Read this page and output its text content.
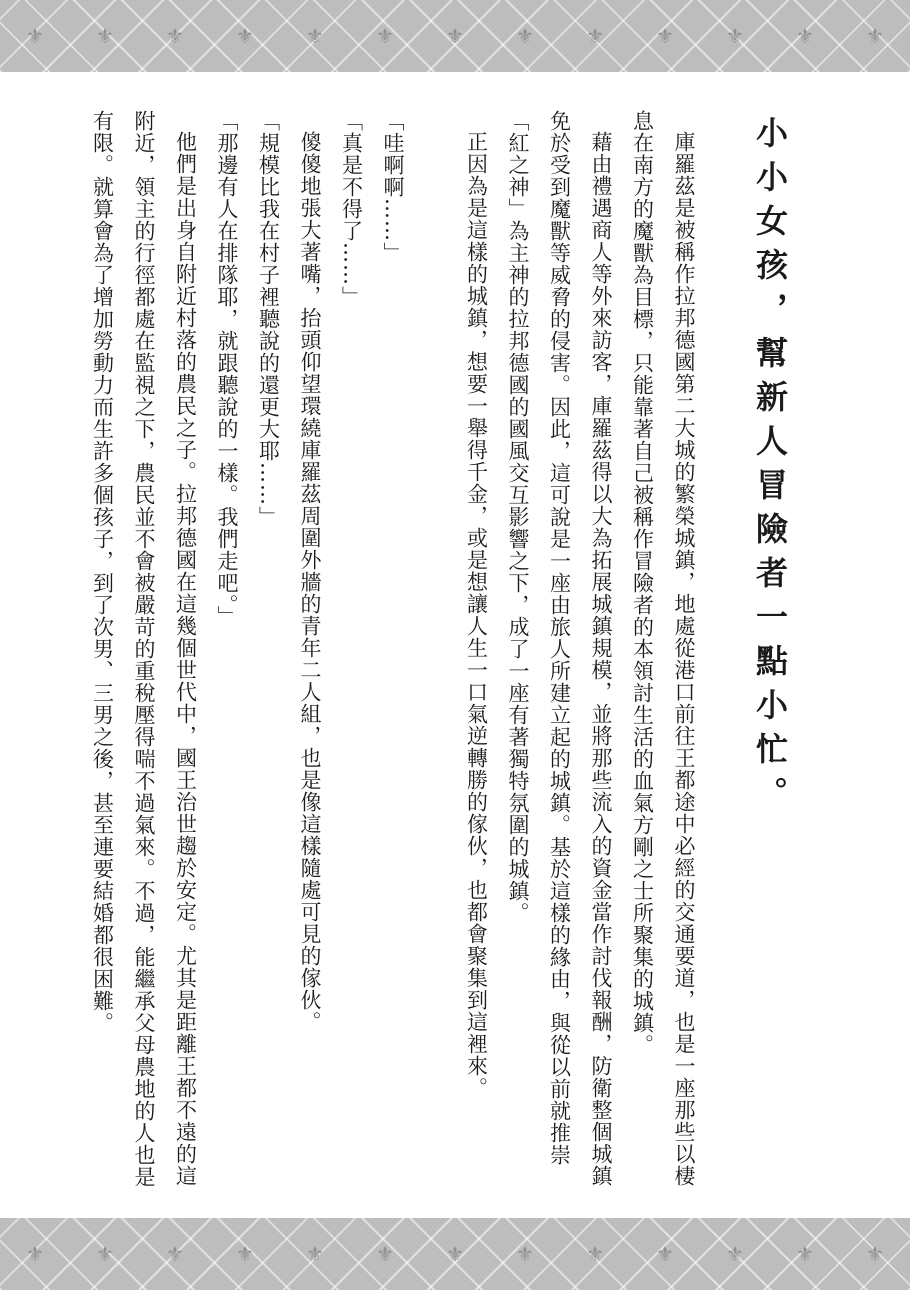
⚜	⚜	⚜	⚜	⚜	⚜	⚜	⚜	⚜	⚜	⚜	⚜	⚜
小小女孩，幫新人冒險者一點小忙。

庫羅茲是被稱作拉邦德國第二大城的繁榮城鎮，地處從港口前往王都途中必經的交通要道，也是一座那些以棲息在南方的魔獸為目標，只能靠著自己被稱作冒險者的本領討生活的血氣方剛之士所聚集的城鎮。

藉由禮遇商人等外來訪客，庫羅茲得以大為拓展城鎮規模，並將那些流入的資金當作討伐報酬，防衛整個城鎮免於受到魔獸等威脅的侵害。因此，這可說是一座由旅人所建立起的城鎮。基於這樣的緣由，與從以前就推崇「紅之神」為主神的拉邦德國的國風交互影響之下，成了一座有著獨特氛圍的城鎮。

正因為是這樣的城鎮，想要一舉得千金，或是想讓人生一口氣逆轉勝的傢伙，也都會聚集到這裡來。

「哇啊啊……」

「真是不得了……」

傻傻地張大著嘴，抬頭仰望環繞庫羅茲周圍外牆的青年二人組，也是像這樣隨處可見的傢伙。

「規模比我在村子裡聽說的還更大耶……」

「那邊有人在排隊耶，就跟聽說的一樣。我們走吧。」

他們是出身自附近村落的農民之子。拉邦德國在這幾個世代中，國王治世趨於安定。尤其是距離王都不遠的這附近，領主的行徑都處在監視之下，農民並不會被嚴苛的重稅壓得喘不過氣來。不過，能繼承父母農地的人也是有限。就算會為了增加勞動力而生許多個孩子，到了次男、三男之後，甚至連要結婚都很困難。

⚜	⚜	⚜	⚜	⚜	⚜	⚜	⚜	⚜	⚜	⚜	⚜	⚜
